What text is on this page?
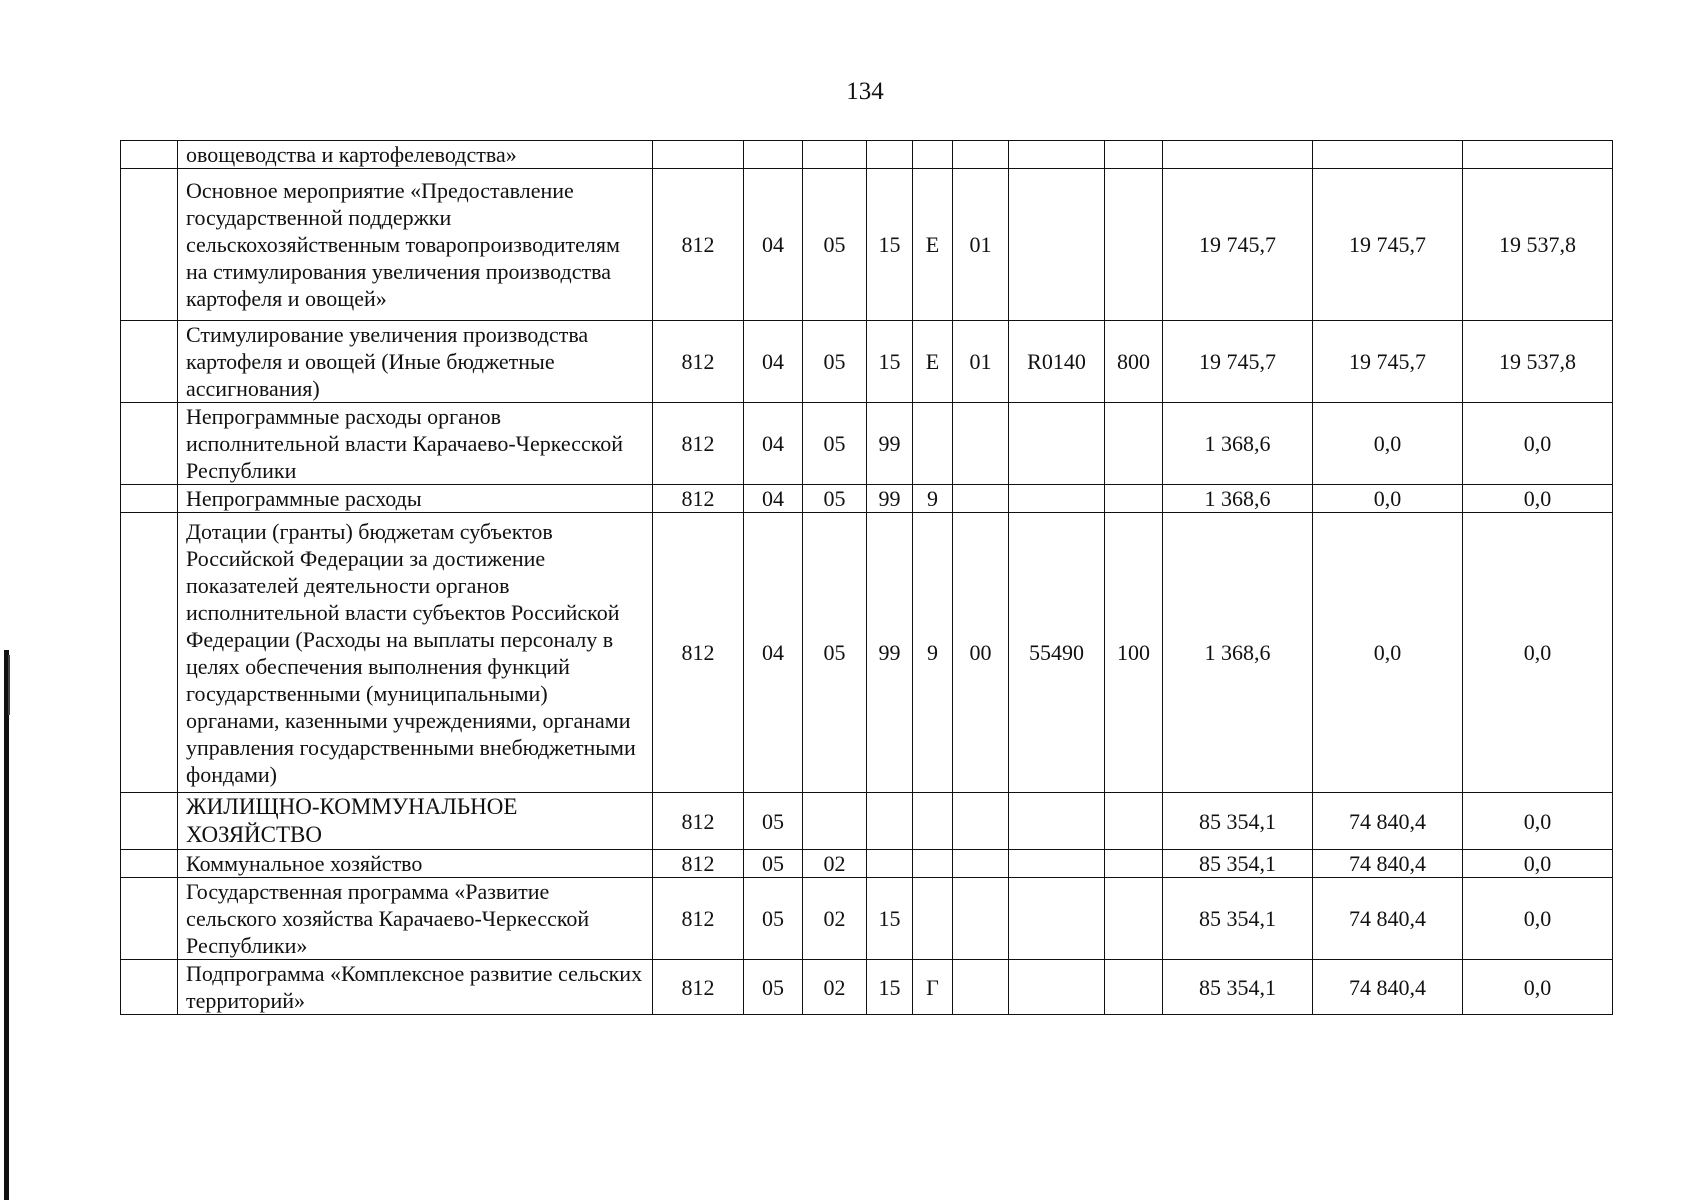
134
	овощеводства и картофелеводства»											
	Основное мероприятие «Предоставление государственной поддержки сельскохозяйственным товаропроизводителям на стимулирования увеличения производства картофеля и овощей»	812	04	05	15	E	01			19 745,7	19 745,7	19 537,8
	Стимулирование увеличения производства картофеля и овощей (Иные бюджетные ассигнования)	812	04	05	15	E	01	R0140	800	19 745,7	19 745,7	19 537,8
	Непрограммные расходы органов исполнительной власти Карачаево-Черкесской Республики	812	04	05	99					1 368,6	0,0	0,0
	Непрограммные расходы	812	04	05	99	9				1 368,6	0,0	0,0
	Дотации (гранты) бюджетам субъектов Российской Федерации за достижение показателей деятельности органов исполнительной власти субъектов Российской Федерации (Расходы на выплаты персоналу в целях обеспечения выполнения функций государственными (муниципальными) органами, казенными учреждениями, органами управления государственными внебюджетными фондами)	812	04	05	99	9	00	55490	100	1 368,6	0,0	0,0
	ЖИЛИЩНО-КОММУНАЛЬНОЕ ХОЗЯЙСТВО	812	05							85 354,1	74 840,4	0,0
	Коммунальное хозяйство	812	05	02						85 354,1	74 840,4	0,0
	Государственная программа «Развитие сельского хозяйства Карачаево-Черкесской Республики»	812	05	02	15					85 354,1	74 840,4	0,0
	Подпрограмма «Комплексное развитие сельских территорий»	812	05	02	15	Г				85 354,1	74 840,4	0,0
